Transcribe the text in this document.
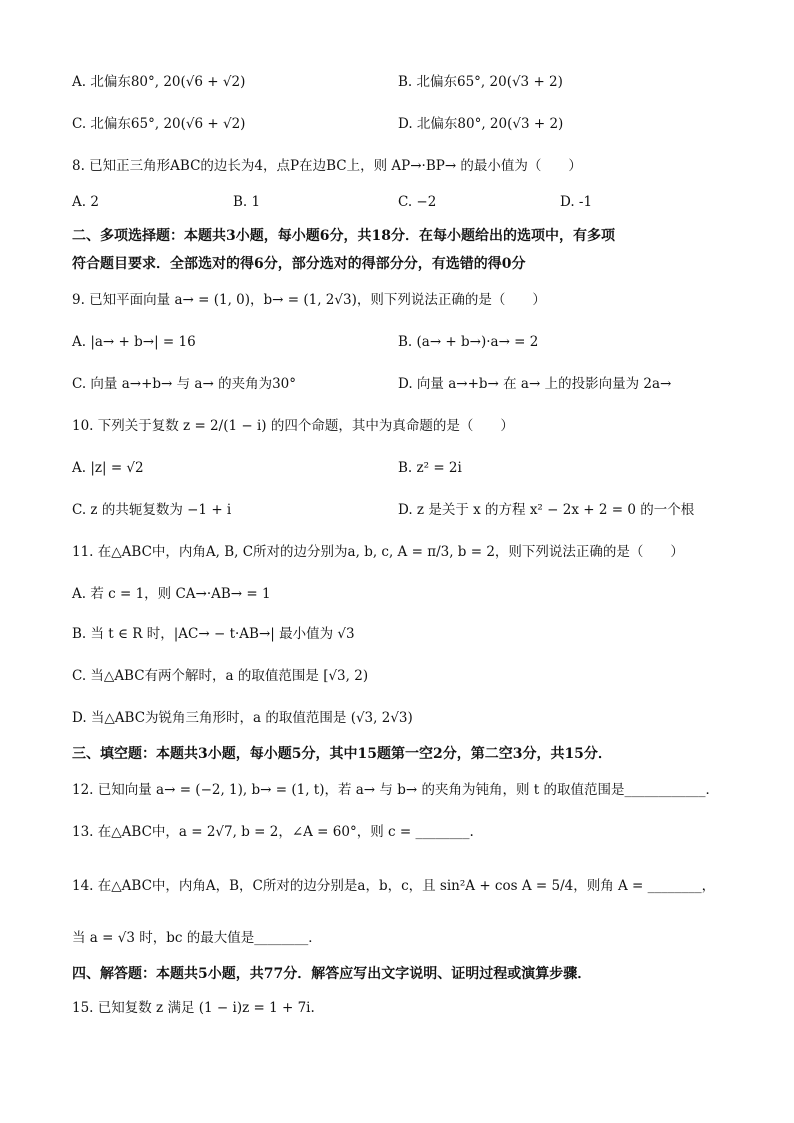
A. 北偏东80°, 20(√6 + √2)	B. 北偏东65°, 20(√3 + 2)
C. 北偏东65°, 20(√6 + √2)	D. 北偏东80°, 20(√3 + 2)
8. 已知正三角形ABC的边长为4，点P在边BC上，则 AP→·BP→ 的最小值为（　　）
A. 2	B. 1	C. −2	D. -1
二、多项选择题：本题共3小题，每小题6分，共18分．在每小题给出的选项中，有多项
符合题目要求．全部选对的得6分，部分选对的得部分分，有选错的得0分
9. 已知平面向量 a→ = (1, 0)，b→ = (1, 2√3)，则下列说法正确的是（　　）
A. |a→ + b→| = 16	B. (a→ + b→)·a→ = 2
C. 向量 a→+b→ 与 a→ 的夹角为30°	D. 向量 a→+b→ 在 a→ 上的投影向量为 2a→
10. 下列关于复数 z = 2/(1 − i) 的四个命题，其中为真命题的是（　　）
A. |z| = √2	B. z² = 2i
C. z 的共轭复数为 −1 + i	D. z 是关于 x 的方程 x² − 2x + 2 = 0 的一个根
11. 在△ABC中，内角A, B, C所对的边分别为a, b, c, A = π/3, b = 2，则下列说法正确的是（　　）
A. 若 c = 1，则 CA→·AB→ = 1
B. 当 t ∈ R 时，|AC→ − t·AB→| 最小值为 √3
C. 当△ABC有两个解时，a 的取值范围是 [√3, 2)
D. 当△ABC为锐角三角形时，a 的取值范围是 (√3, 2√3)
三、填空题：本题共3小题，每小题5分，其中15题第一空2分，第二空3分，共15分．
12. 已知向量 a→ = (−2, 1), b→ = (1, t)，若 a→ 与 b→ 的夹角为钝角，则 t 的取值范围是____________．
13. 在△ABC中，a = 2√7, b = 2，∠A = 60°，则 c = ________.
14. 在△ABC中，内角A，B，C所对的边分别是a，b，c，且 sin²A + cos A = 5/4，则角 A = ________，
当 a = √3 时，bc 的最大值是________．
四、解答题：本题共5小题，共77分．解答应写出文字说明、证明过程或演算步骤．
15. 已知复数 z 满足 (1 − i)z = 1 + 7i.
